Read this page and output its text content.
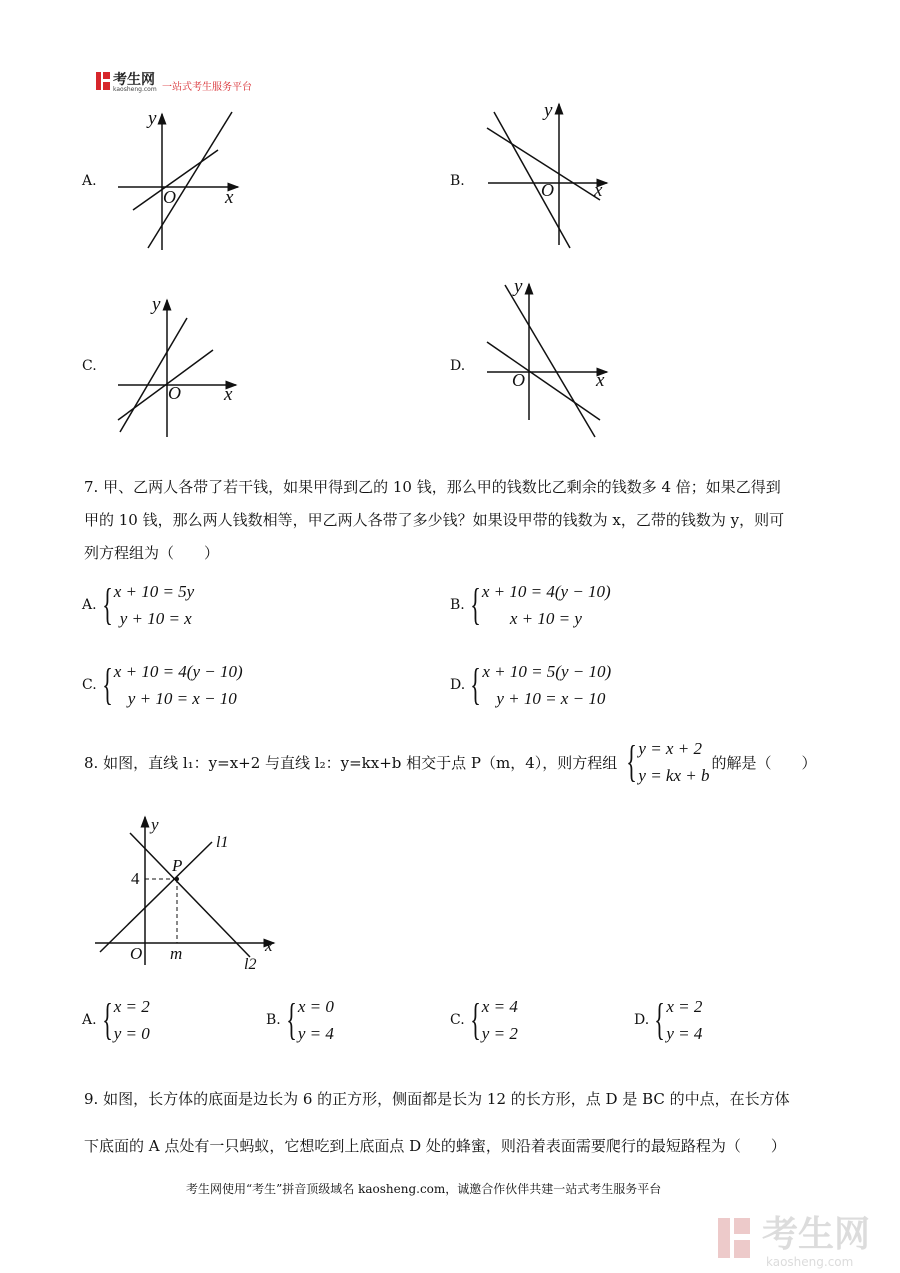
考生网
kaosheng.com 一站式考生服务平台
A.	B.
C.	D.
y
x
O
y
x
O
y
x
O
y
x
O
7. 甲、乙两人各带了若干钱，如果甲得到乙的 10 钱，那么甲的钱数比乙剩余的钱数多 4 倍；如果乙得到
甲的 10 钱，那么两人钱数相等，甲乙两人各带了多少钱？如果设甲带的钱数为 x，乙带的钱数为 y，则可
列方程组为（　　）
A. { x + 10 = 5y
y + 10 = x
B. { x + 10 = 4(y − 10)
x + 10 = y
C. { x + 10 = 4(y − 10)
y + 10 = x − 10
D. { x + 10 = 5(y − 10)
y + 10 = x − 10
8. 如图，直线 l₁：y=x+2 与直线 l₂：y=kx+b 相交于点 P（m，4），则方程组 { y = x + 2
y = kx + b
的解是（　　）
y
x
O
P
m
4
l1
l2
A. { x = 2
y = 0
B. { x = 0
y = 4
C. { x = 4
y = 2
D. { x = 2
y = 4
9. 如图，长方体的底面是边长为 6 的正方形，侧面都是长为 12 的长方形，点 D 是 BC 的中点，在长方体
下底面的 A 点处有一只蚂蚁，它想吃到上底面点 D 处的蜂蜜，则沿着表面需要爬行的最短路程为（　　）
考生网使用“考生”拼音顶级域名 kaosheng.com，诚邀合作伙伴共建一站式考生服务平台
考生网
kaosheng.com
